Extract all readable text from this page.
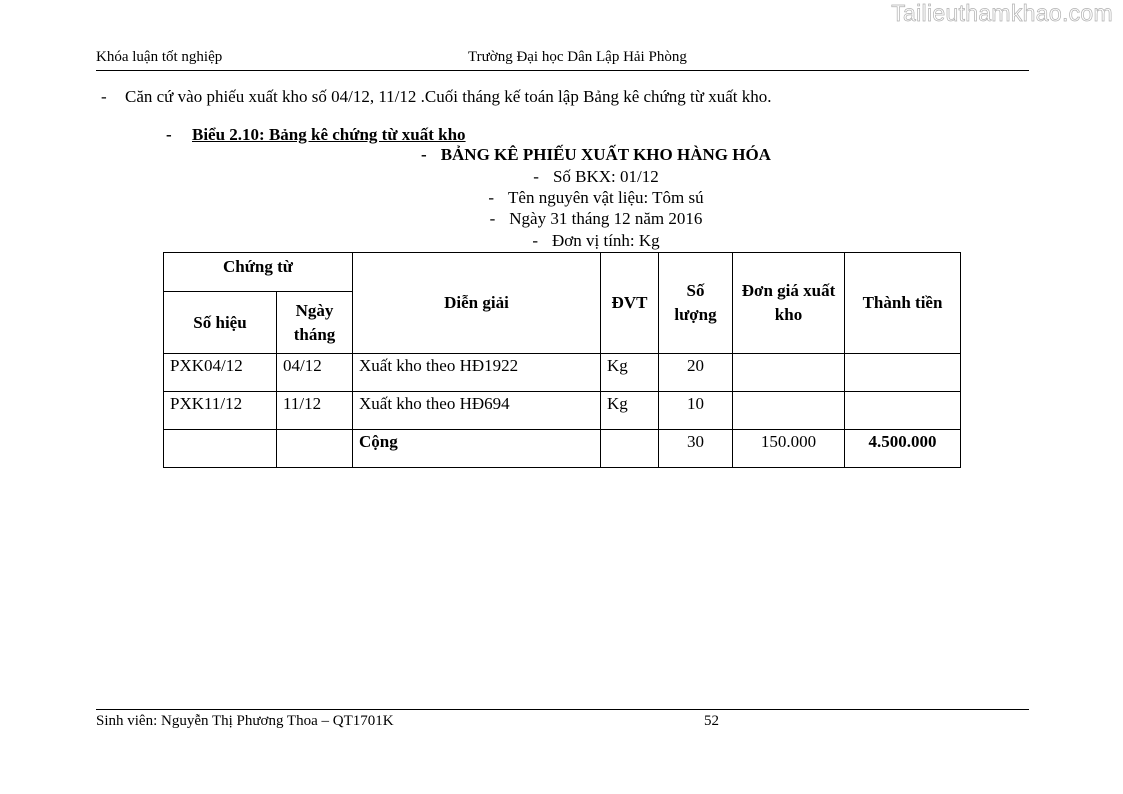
Tailieuthamkhao.com
Khóa luận tốt nghiệp	Trường Đại học Dân Lập Hải Phòng
- Căn cứ vào phiếu xuất kho số 04/12, 11/12 .Cuối tháng kế toán lập Bảng kê chứng từ xuất kho.
- Biểu 2.10: Bảng kê chứng từ xuất kho
- BẢNG KÊ PHIẾU XUẤT KHO HÀNG HÓA
- Số BKX: 01/12
- Tên nguyên vật liệu: Tôm sú
- Ngày 31 tháng 12 năm 2016
- Đơn vị tính: Kg
Chứng từ		Diễn giải	ĐVT	Số lượng	Đơn giá xuất kho	Thành tiền
Số hiệu	Ngày tháng					
PXK04/12	04/12	Xuất kho theo HĐ1922	Kg	20		
PXK11/12	11/12	Xuất kho theo HĐ694	Kg	10		
		Cộng		30	150.000	4.500.000
Sinh viên: Nguyễn Thị Phương Thoa – QT1701K	52
